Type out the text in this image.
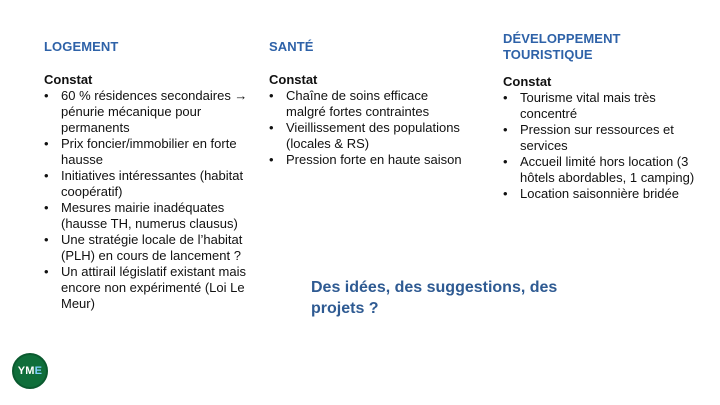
LOGEMENT
Constat
• 60 % résidences secondaires → pénurie mécanique pour permanents
• Prix foncier/immobilier en forte hausse
• Initiatives intéressantes (habitat coopératif)
• Mesures mairie inadéquates (hausse TH, numerus clausus)
• Une stratégie locale de l’habitat (PLH) en cours de lancement ?
• Un attirail législatif existant mais encore non expérimenté (Loi Le Meur)
SANTÉ
Constat
• Chaîne de soins efficace malgré fortes contraintes
• Vieillissement des populations (locales & RS)
• Pression forte en haute saison
DÉVELOPPEMENT TOURISTIQUE
Constat
• Tourisme vital mais très concentré
• Pression sur ressources et services
• Accueil limité hors location (3 hôtels abordables, 1 camping)
• Location saisonnière bridée
Des idées, des suggestions, des projets ?
YME
